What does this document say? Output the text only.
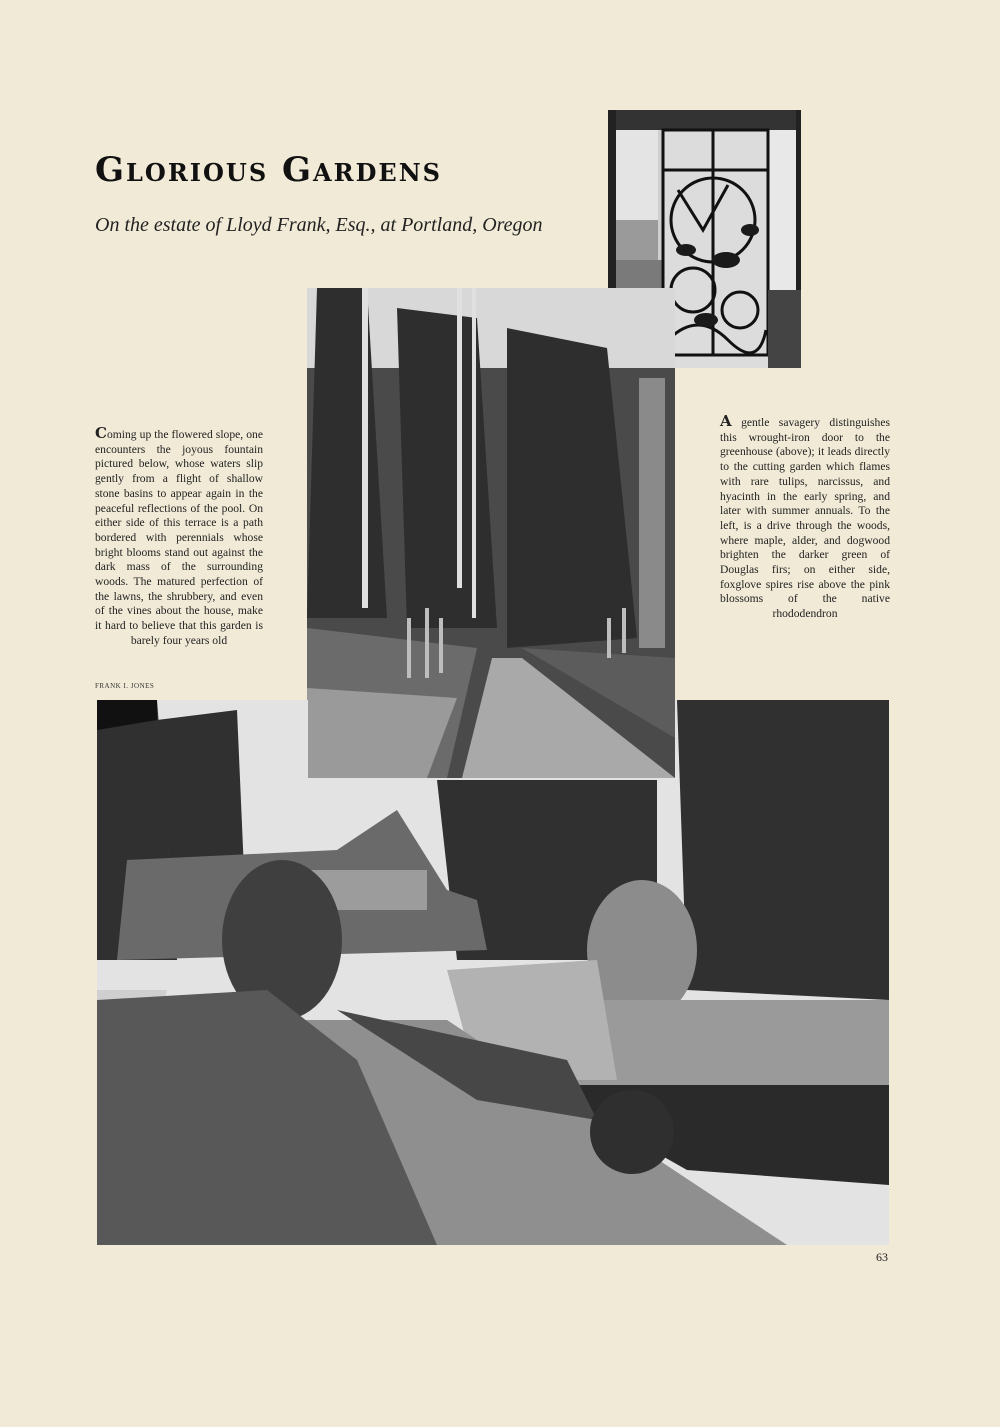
Glorious Gardens

On the estate of Lloyd Frank, Esq., at Portland, Oregon

Coming up the flowered slope, one encounters the joyous fountain pictured below, whose waters slip gently from a flight of shallow stone basins to appear again in the peaceful reflections of the pool. On either side of this terrace is a path bordered with perennials whose bright blooms stand out against the dark mass of the surrounding woods. The matured perfection of the lawns, the shrubbery, and even of the vines about the house, make it hard to believe that this garden is barely four years old

A gentle savagery distinguishes this wrought-iron door to the greenhouse (above); it leads directly to the cutting garden which flames with rare tulips, narcissus, and hyacinth in the early spring, and later with summer annuals. To the left, is a drive through the woods, where maple, alder, and dogwood brighten the darker green of Douglas firs; on either side, foxglove spires rise above the pink blossoms of the native rhododendron

FRANK I. JONES

63
